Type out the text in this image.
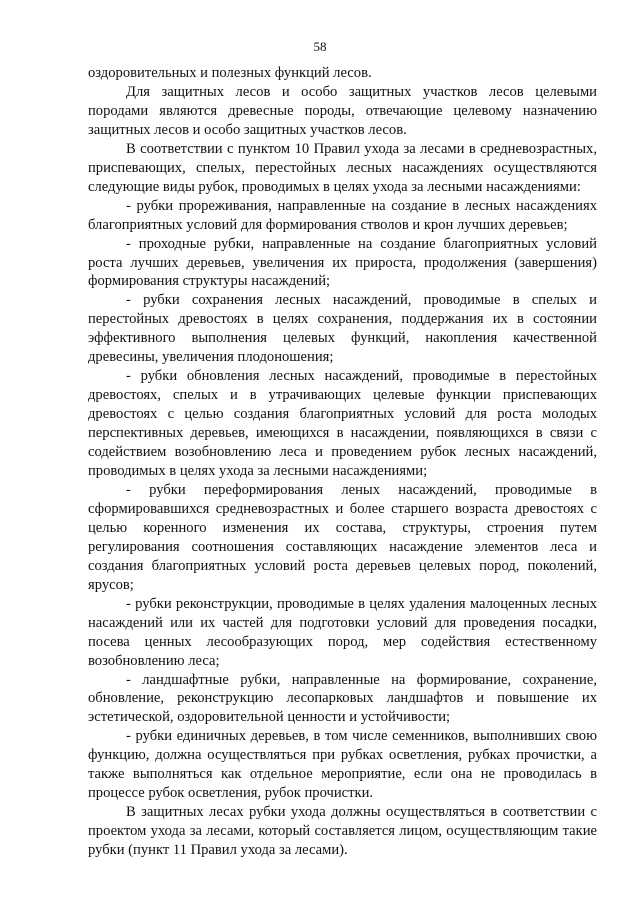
58

оздоровительных и полезных функций лесов.

Для защитных лесов и особо защитных участков лесов целевыми породами являются древесные породы, отвечающие целевому назначению защитных лесов и особо защитных участков лесов.

В соответствии с пунктом 10 Правил ухода за лесами в средневозрастных, приспевающих, спелых, перестойных лесных насаждениях осуществляются следующие виды рубок, проводимых в целях ухода за лесными насаждениями:

- рубки прореживания, направленные на создание в лесных насаждениях благоприятных условий для формирования стволов и крон лучших деревьев;

- проходные рубки, направленные на создание благоприятных условий роста лучших деревьев, увеличения их прироста, продолжения (завершения) формирования структуры насаждений;

- рубки сохранения лесных насаждений, проводимые в спелых и перестойных древостоях в целях сохранения, поддержания их в состоянии эффективного выполнения целевых функций, накопления качественной древесины, увеличения плодоношения;

- рубки обновления лесных насаждений, проводимые в перестойных древостоях, спелых и в утрачивающих целевые функции приспевающих древостоях с целью создания благоприятных условий для роста молодых перспективных деревьев, имеющихся в насаждении, появляющихся в связи с содействием возобновлению леса и проведением рубок лесных насаждений, проводимых в целях ухода за лесными насаждениями;

- рубки переформирования леных насаждений, проводимые в сформировавшихся средневозрастных и более старшего возраста древостоях с целью коренного изменения их состава, структуры, строения путем регулирования соотношения составляющих насаждение элементов леса и создания благоприятных условий роста деревьев целевых пород, поколений, ярусов;

- рубки реконструкции, проводимые в целях удаления малоценных лесных насаждений или их частей для подготовки условий для проведения посадки, посева ценных лесообразующих пород, мер содействия естественному возобновлению леса;

- ландшафтные рубки, направленные на формирование, сохранение, обновление, реконструкцию лесопарковых ландшафтов и повышение их эстетической, оздоровительной ценности и устойчивости;

- рубки единичных деревьев, в том числе семенников, выполнивших свою функцию, должна осуществляться при рубках осветления, рубках прочистки, а также выполняться как отдельное мероприятие, если она не проводилась в процессе рубок осветления, рубок прочистки.

В защитных лесах рубки ухода должны осуществляться в соответствии с проектом ухода за лесами, который составляется лицом, осуществляющим такие рубки (пункт 11 Правил ухода за лесами).
